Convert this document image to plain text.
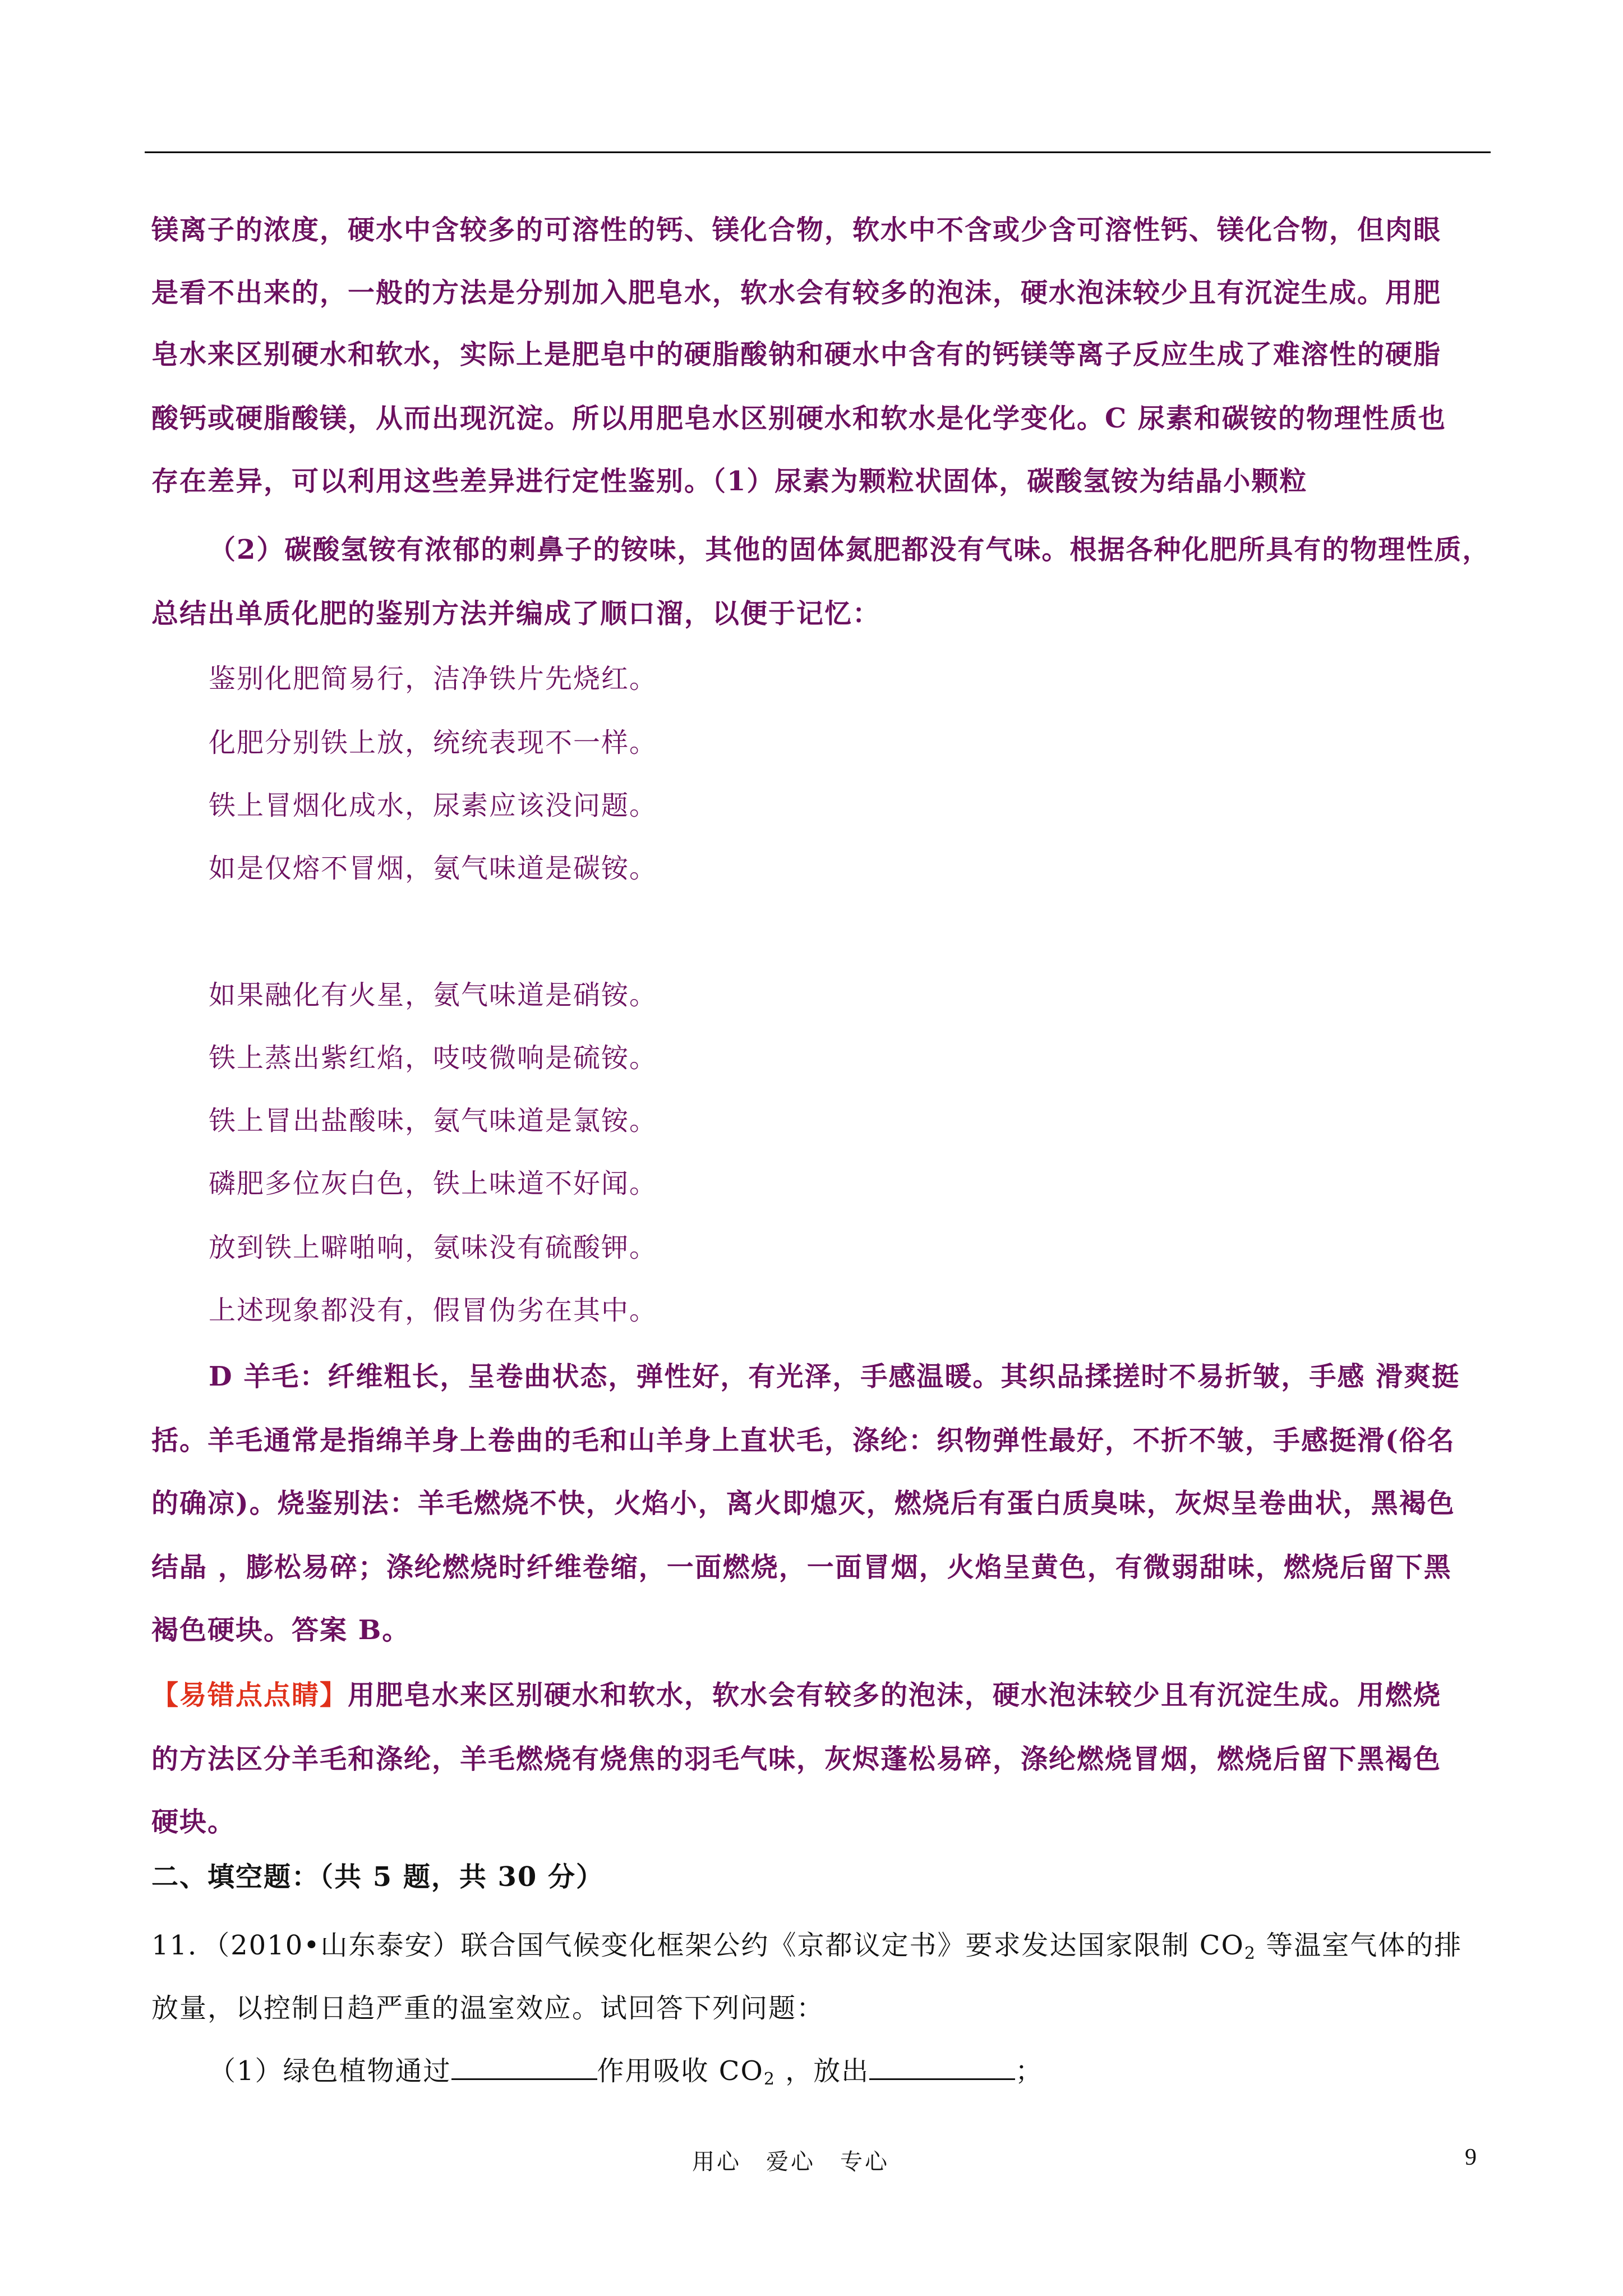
镁离子的浓度，硬水中含较多的可溶性的钙、镁化合物，软水中不含或少含可溶性钙、镁化合物，但肉眼
是看不出来的，一般的方法是分别加入肥皂水，软水会有较多的泡沫，硬水泡沫较少且有沉淀生成。用肥
皂水来区别硬水和软水，实际上是肥皂中的硬脂酸钠和硬水中含有的钙镁等离子反应生成了难溶性的硬脂
酸钙或硬脂酸镁，从而出现沉淀。所以用肥皂水区别硬水和软水是化学变化。C 尿素和碳铵的物理性质也
存在差异，可以利用这些差异进行定性鉴别。（1）尿素为颗粒状固体，碳酸氢铵为结晶小颗粒
（2）碳酸氢铵有浓郁的刺鼻子的铵味，其他的固体氮肥都没有气味。根据各种化肥所具有的物理性质，
总结出单质化肥的鉴别方法并编成了顺口溜，以便于记忆：
鉴别化肥简易行，洁净铁片先烧红。
化肥分别铁上放，统统表现不一样。
铁上冒烟化成水，尿素应该没问题。
如是仅熔不冒烟，氨气味道是碳铵。
如果融化有火星，氨气味道是硝铵。
铁上蒸出紫红焰，吱吱微响是硫铵。
铁上冒出盐酸味，氨气味道是氯铵。
磷肥多位灰白色，铁上味道不好闻。
放到铁上噼啪响，氨味没有硫酸钾。
上述现象都没有，假冒伪劣在其中。
D 羊毛：纤维粗长，呈卷曲状态，弹性好，有光泽，手感温暖。其织品揉搓时不易折皱，手感 滑爽挺
括。羊毛通常是指绵羊身上卷曲的毛和山羊身上直状毛，涤纶：织物弹性最好，不折不皱，手感挺滑(俗名
的确凉)。烧鉴别法：羊毛燃烧不快，火焰小，离火即熄灭，燃烧后有蛋白质臭味，灰烬呈卷曲状，黑褐色
结晶 ，膨松易碎；涤纶燃烧时纤维卷缩，一面燃烧，一面冒烟，火焰呈黄色，有微弱甜味，燃烧后留下黑
褐色硬块。答案 B。
【易错点点睛】用肥皂水来区别硬水和软水，软水会有较多的泡沫，硬水泡沫较少且有沉淀生成。用燃烧
的方法区分羊毛和涤纶，羊毛燃烧有烧焦的羽毛气味，灰烬蓬松易碎，涤纶燃烧冒烟，燃烧后留下黑褐色
硬块。
二、填空题：（共 5 题，共 30 分）
11．（2010•山东泰安）联合国气候变化框架公约《京都议定书》要求发达国家限制 $CO_2$ 等温室气体的排
放量，以控制日趋严重的温室效应。试回答下列问题：
（1）绿色植物通过	作用吸收 $CO_2$ ，放出	；
用心　爱心　专心	9
